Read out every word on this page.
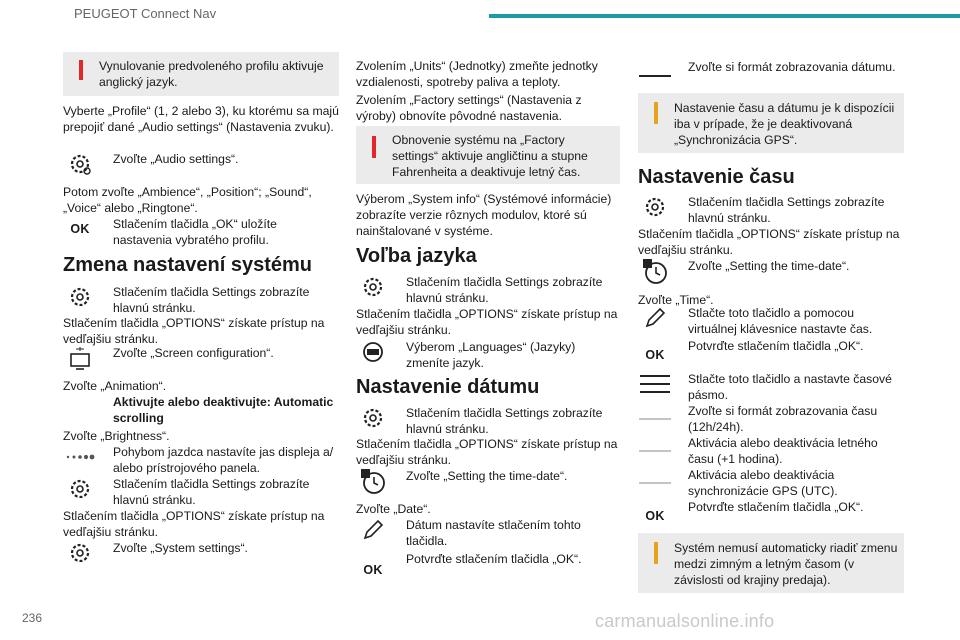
PEUGEOT Connect Nav
Vynulovanie predvoleného profilu aktivuje anglický jazyk.
Vyberte „Profile“ (1, 2 alebo 3), ku ktorému sa majú prepojiť dané „Audio settings“ (Nastavenia zvuku).
Zvoľte „Audio settings“.
Potom zvoľte „Ambience“, „Position“; „Sound“, „Voice“ alebo „Ringtone“.
OK Stlačením tlačidla „OK“ uložíte nastavenia vybratého profilu.
Zmena nastavení systému
Stlačením tlačidla Settings zobrazíte hlavnú stránku.
Stlačením tlačidla „OPTIONS“ získate prístup na vedľajšiu stránku.
Zvoľte „Screen configuration“.
Zvoľte „Animation“.
Aktivujte alebo deaktivujte: Automatic scrolling
Zvoľte „Brightness“.
Pohybom jazdca nastavíte jas displeja a/ alebo prístrojového panela.
Stlačením tlačidla Settings zobrazíte hlavnú stránku.
Stlačením tlačidla „OPTIONS“ získate prístup na vedľajšiu stránku.
Zvoľte „System settings“.
Zvolením „Units“ (Jednotky) zmeňte jednotky vzdialenosti, spotreby paliva a teploty.
Zvolením „Factory settings“ (Nastavenia z výroby) obnovíte pôvodné nastavenia.
Obnovenie systému na „Factory settings“ aktivuje angličtinu a stupne Fahrenheita a deaktivuje letný čas.
Výberom „System info“ (Systémové informácie) zobrazíte verzie rôznych modulov, ktoré sú nainštalované v systéme.
Voľba jazyka
Stlačením tlačidla Settings zobrazíte hlavnú stránku.
Stlačením tlačidla „OPTIONS“ získate prístup na vedľajšiu stránku.
Výberom „Languages“ (Jazyky) zmeníte jazyk.
Nastavenie dátumu
Stlačením tlačidla Settings zobrazíte hlavnú stránku.
Stlačením tlačidla „OPTIONS“ získate prístup na vedľajšiu stránku.
Zvoľte „Setting the time-date“.
Zvoľte „Date“.
Dátum nastavíte stlačením tohto tlačidla.
OK
Potvrďte stlačením tlačidla „OK“.
Zvoľte si formát zobrazovania dátumu.
Nastavenie času a dátumu je k dispozícii iba v prípade, že je deaktivovaná „Synchronizácia GPS“.
Nastavenie času
Stlačením tlačidla Settings zobrazíte hlavnú stránku.
Stlačením tlačidla „OPTIONS“ získate prístup na vedľajšiu stránku.
Zvoľte „Setting the time-date“.
Zvoľte „Time“.
Stlačte toto tlačidlo a pomocou virtuálnej klávesnice nastavte čas.
OK
Potvrďte stlačením tlačidla „OK“.
Stlačte toto tlačidlo a nastavte časové pásmo.
Zvoľte si formát zobrazovania času (12h/24h).
Aktivácia alebo deaktivácia letného času (+1 hodina).
Aktivácia alebo deaktivácia synchronizácie GPS (UTC).
OK
Potvrďte stlačením tlačidla „OK“.
Systém nemusí automaticky riadiť zmenu medzi zimným a letným časom (v závislosti od krajiny predaja).
236	carmanualsonline.info
